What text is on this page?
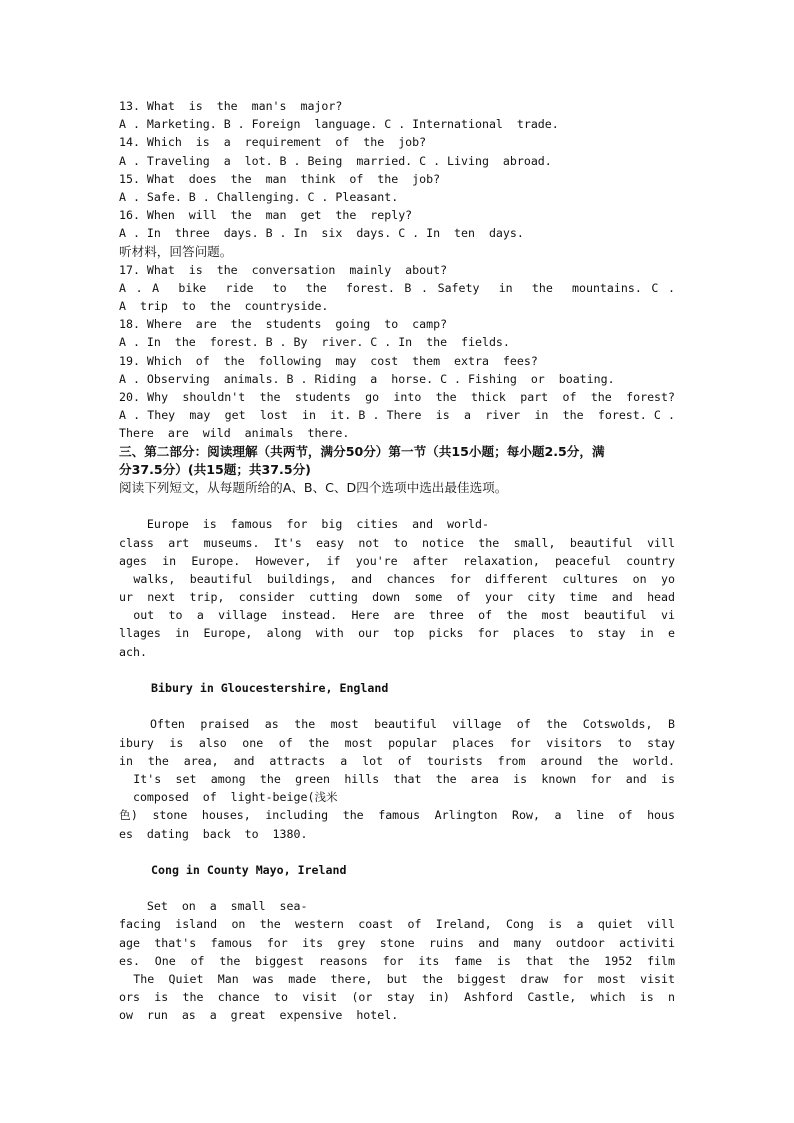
13. What  is  the  man's  major?
A . Marketing. B . Foreign  language. C . International  trade.
14. Which  is  a  requirement  of  the  job?
A . Traveling  a  lot. B . Being  married. C . Living  abroad.
15. What  does  the  man  think  of  the  job?
A . Safe. B . Challenging. C . Pleasant.
16. When  will  the  man  get  the  reply?
A . In  three  days. B . In  six  days. C . In  ten  days.
听材料，回答问题。
17. What  is  the  conversation  mainly  about?
A . A  bike  ride  to  the  forest. B . Safety  in  the  mountains. C .
A  trip  to  the  countryside.
18. Where  are  the  students  going  to  camp?
A . In  the  forest. B . By  river. C . In  the  fields.
19. Which  of  the  following  may  cost  them  extra  fees?
A . Observing  animals. B . Riding  a  horse. C . Fishing  or  boating.
20. Why  shouldn't  the  students  go  into  the  thick  part  of  the  forest?
A . They  may  get  lost  in  it. B . There  is  a  river  in  the  forest. C .
There  are  wild  animals  there.
三、第二部分：阅读理解（共两节，满分50分）第一节（共15小题；每小题2.5分，满
分37.5分）(共15题；共37.5分)
阅读下列短文，从每题所给的A、B、C、D四个选项中选出最佳选项。
Europe  is  famous  for  big  cities  and  world-
class  art  museums.  It's  easy  not  to  notice  the  small,  beautiful  vill
ages  in  Europe.  However,  if  you're  after  relaxation,  peaceful  country
walks,  beautiful  buildings,  and  chances  for  different  cultures  on  yo
ur  next  trip,  consider  cutting  down  some  of  your  city  time  and  head
out  to  a  village  instead.  Here  are  three  of  the  most  beautiful  vi
llages  in  Europe,  along  with  our  top  picks  for  places  to  stay  in  e
ach.
Bibury in Gloucestershire, England
Often  praised  as  the  most  beautiful  village  of  the  Cotswolds,  B
ibury  is  also  one  of  the  most  popular  places  for  visitors  to  stay
in  the  area,  and  attracts  a  lot  of  tourists  from  around  the  world.
It's  set  among  the  green  hills  that  the  area  is  known  for  and  is
composed  of  light-beige(浅米
色)  stone  houses,  including  the  famous  Arlington  Row,  a  line  of  hous
es  dating  back  to  1380.
Cong in County Mayo, Ireland
Set  on  a  small  sea-
facing  island  on  the  western  coast  of  Ireland,  Cong  is  a  quiet  vill
age  that's  famous  for  its  grey  stone  ruins  and  many  outdoor  activiti
es.  One  of  the  biggest  reasons  for  its  fame  is  that  the  1952  film
The  Quiet  Man  was  made  there,  but  the  biggest  draw  for  most  visit
ors  is  the  chance  to  visit  (or  stay  in)  Ashford  Castle,  which  is  n
ow  run  as  a  great  expensive  hotel.
